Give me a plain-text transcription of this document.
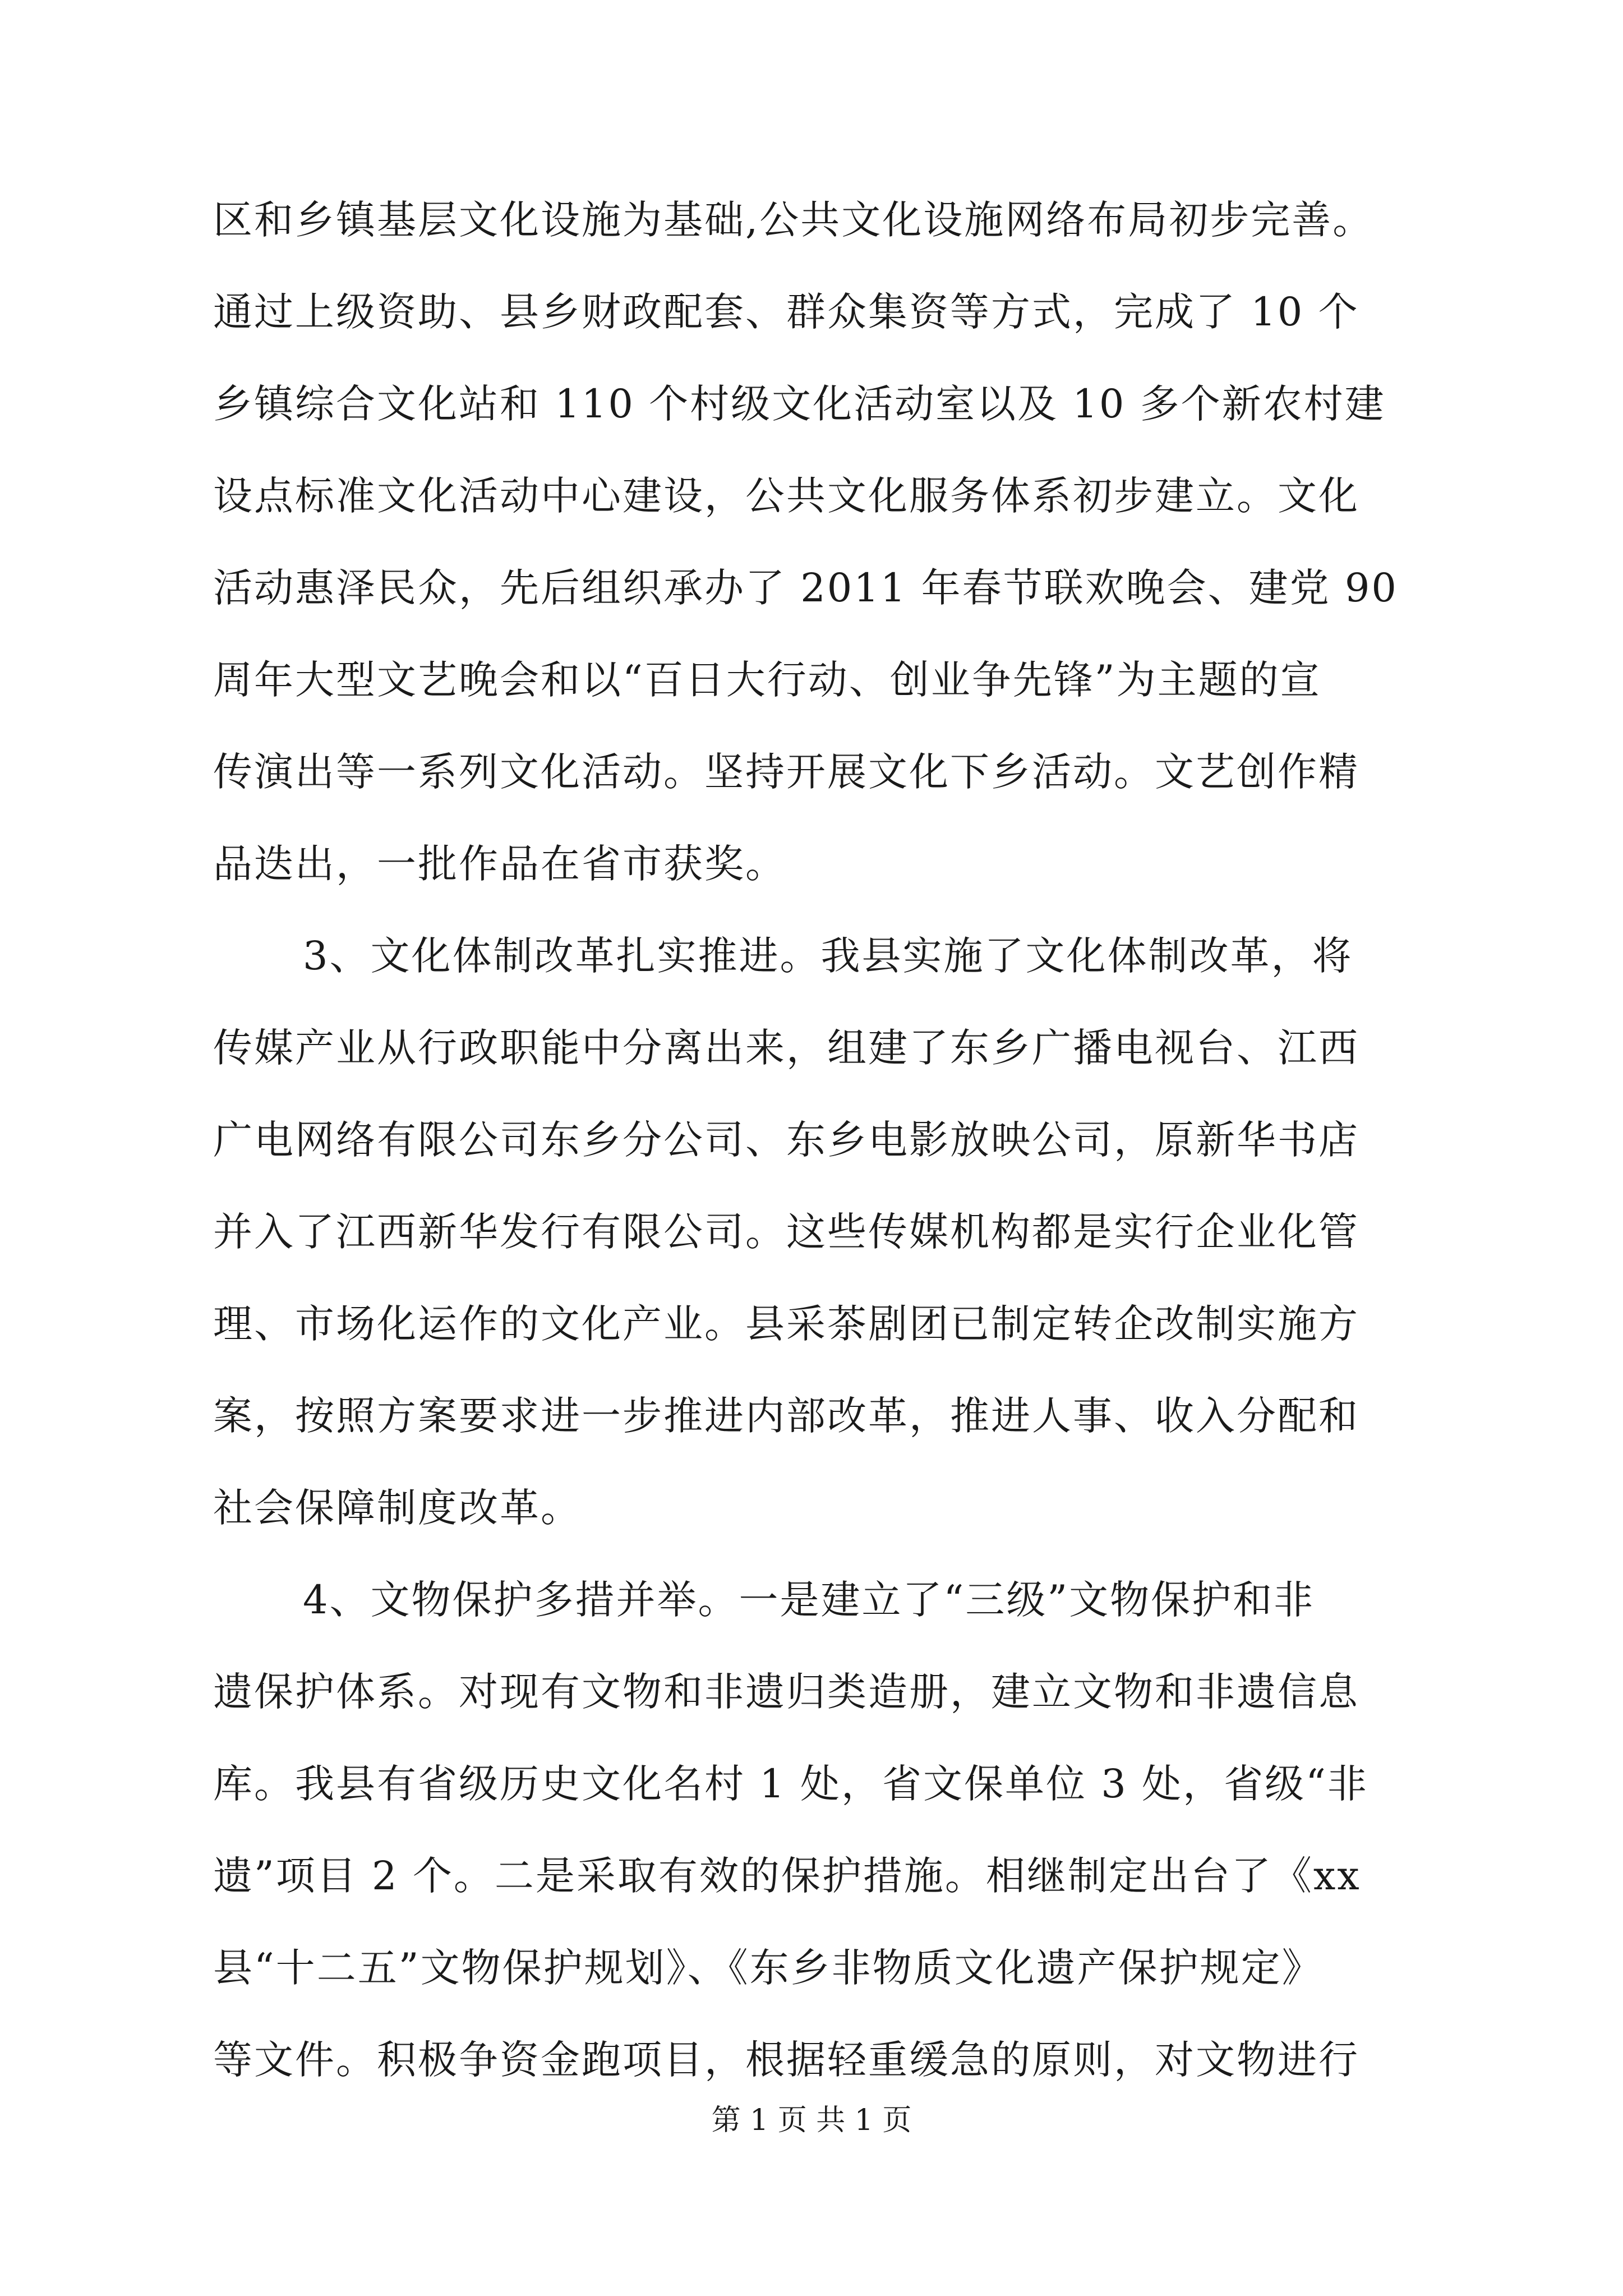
区和乡镇基层文化设施为基础,公共文化设施网络布局初步完善。
通过上级资助、县乡财政配套、群众集资等方式，完成了 10 个
乡镇综合文化站和 110 个村级文化活动室以及 10 多个新农村建
设点标准文化活动中心建设，公共文化服务体系初步建立。文化
活动惠泽民众，先后组织承办了 2011 年春节联欢晚会、建党 90
周年大型文艺晚会和以“百日大行动、创业争先锋”为主题的宣
传演出等一系列文化活动。坚持开展文化下乡活动。文艺创作精
品迭出，一批作品在省市获奖。
3、文化体制改革扎实推进。我县实施了文化体制改革，将
传媒产业从行政职能中分离出来，组建了东乡广播电视台、江西
广电网络有限公司东乡分公司、东乡电影放映公司，原新华书店
并入了江西新华发行有限公司。这些传媒机构都是实行企业化管
理、市场化运作的文化产业。县采茶剧团已制定转企改制实施方
案，按照方案要求进一步推进内部改革，推进人事、收入分配和
社会保障制度改革。
4、文物保护多措并举。一是建立了“三级”文物保护和非
遗保护体系。对现有文物和非遗归类造册，建立文物和非遗信息
库。我县有省级历史文化名村 1 处，省文保单位 3 处，省级“非
遗”项目 2 个。二是采取有效的保护措施。相继制定出台了《xx
县“十二五”文物保护规划》、《东乡非物质文化遗产保护规定》
等文件。积极争资金跑项目，根据轻重缓急的原则，对文物进行
第 1 页 共 1 页
